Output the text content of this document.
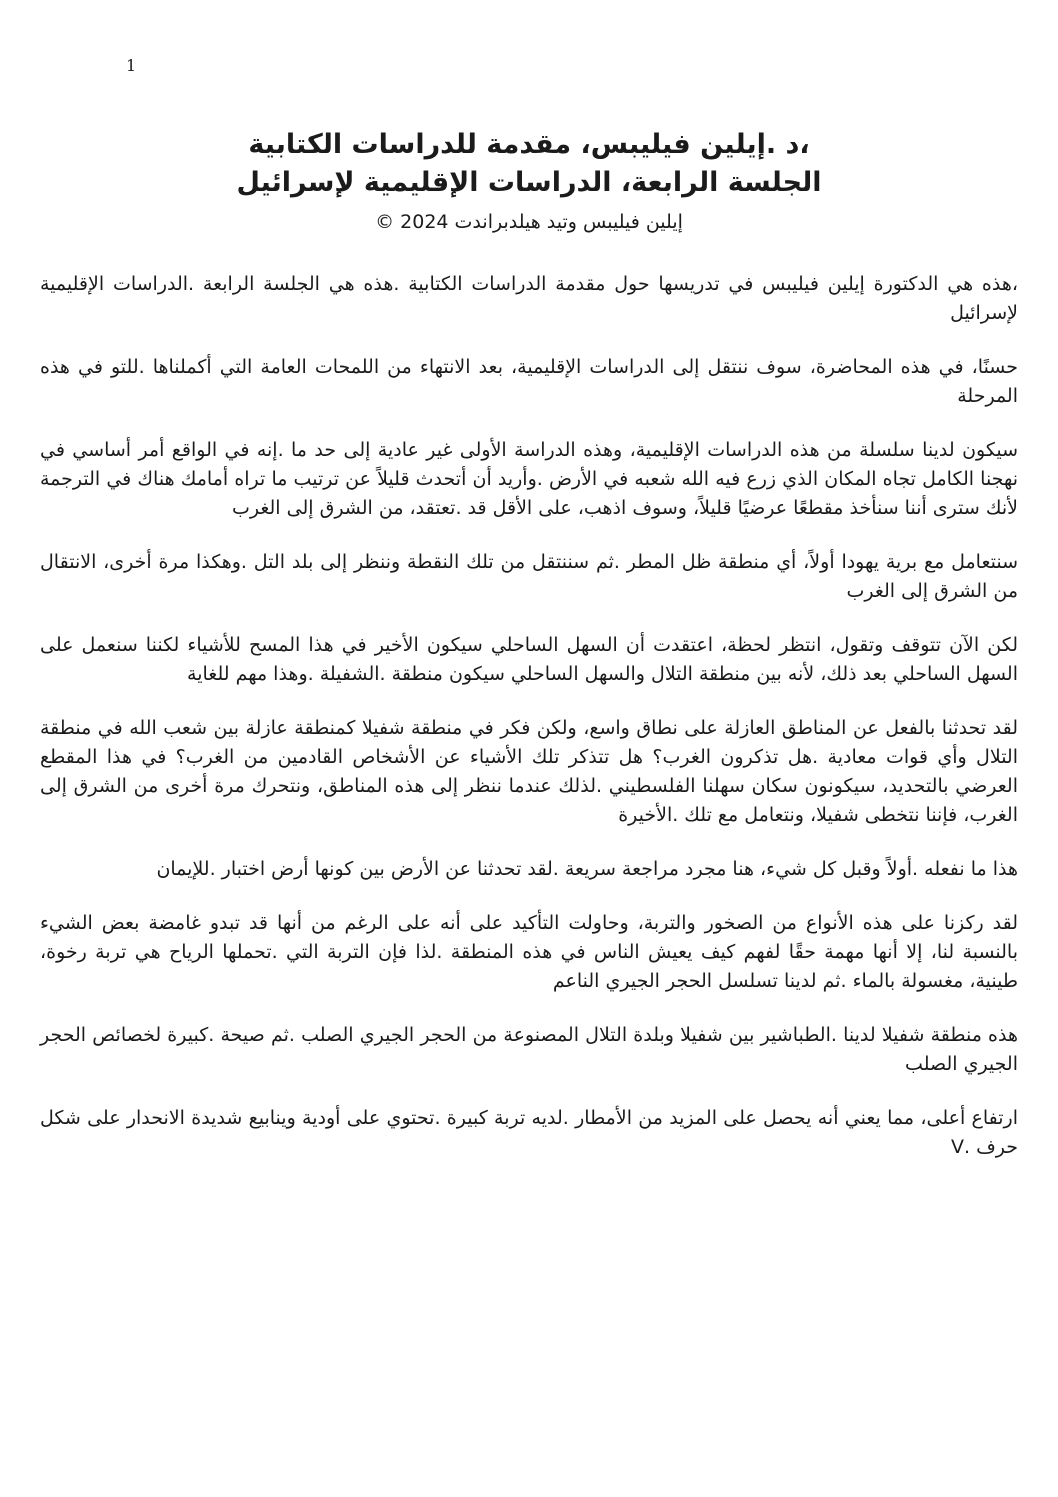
1
،د .إيلين فيليبس، مقدمة للدراسات الكتابية
الجلسة الرابعة، الدراسات الإقليمية لإسرائيل
إيلين فيليبس وتيد هيلدبراندت 2024 ©

،هذه هي الدكتورة إيلين فيليبس في تدريسها حول مقدمة الدراسات الكتابية .هذه هي الجلسة الرابعة .الدراسات الإقليمية لإسرائيل

حسنًا، في هذه المحاضرة، سوف ننتقل إلى الدراسات الإقليمية، بعد الانتهاء من اللمحات العامة التي أكملناها .للتو في هذه المرحلة

سيكون لدينا سلسلة من هذه الدراسات الإقليمية، وهذه الدراسة الأولى غير عادية إلى حد ما .إنه في الواقع أمر أساسي في نهجنا الكامل تجاه المكان الذي زرع فيه الله شعبه في الأرض .وأريد أن أتحدث قليلاً عن ترتيب ما تراه أمامك هناك في الترجمة لأنك سترى أننا سنأخذ مقطعًا عرضيًا قليلاً، وسوف اذهب، على الأقل قد .تعتقد، من الشرق إلى الغرب

سنتعامل مع برية يهودا أولاً، أي منطقة ظل المطر .ثم سننتقل من تلك النقطة وننظر إلى بلد التل .وهكذا مرة أخرى، الانتقال من الشرق إلى الغرب

لكن الآن تتوقف وتقول، انتظر لحظة، اعتقدت أن السهل الساحلي سيكون الأخير في هذا المسح للأشياء لكننا سنعمل على السهل الساحلي بعد ذلك، لأنه بين منطقة التلال والسهل الساحلي سيكون منطقة .الشفيلة .وهذا مهم للغاية

لقد تحدثنا بالفعل عن المناطق العازلة على نطاق واسع، ولكن فكر في منطقة شفيلا كمنطقة عازلة بين شعب الله في منطقة التلال وأي قوات معادية .هل تذكرون الغرب؟ هل تتذكر تلك الأشياء عن الأشخاص القادمين من الغرب؟ في هذا المقطع العرضي بالتحديد، سيكونون سكان سهلنا الفلسطيني .لذلك عندما ننظر إلى هذه المناطق، ونتحرك مرة أخرى من الشرق إلى الغرب، فإننا نتخطى شفيلا، ونتعامل مع تلك .الأخيرة

هذا ما نفعله .أولاً وقبل كل شيء، هنا مجرد مراجعة سريعة .لقد تحدثنا عن الأرض بين كونها أرض اختبار .للإيمان

لقد ركزنا على هذه الأنواع من الصخور والتربة، وحاولت التأكيد على أنه على الرغم من أنها قد تبدو غامضة بعض الشيء بالنسبة لنا، إلا أنها مهمة حقًا لفهم كيف يعيش الناس في هذه المنطقة .لذا فإن التربة التي .تحملها الرياح هي تربة رخوة، طينية، مغسولة بالماء .ثم لدينا تسلسل الحجر الجيري الناعم

هذه منطقة شفيلا لدينا .الطباشير بين شفيلا وبلدة التلال المصنوعة من الحجر الجيري الصلب .ثم صيحة .كبيرة لخصائص الحجر الجيري الصلب

ارتفاع أعلى، مما يعني أنه يحصل على المزيد من الأمطار .لديه تربة كبيرة .تحتوي على أودية وينابيع شديدة الانحدار على شكل حرف .V
